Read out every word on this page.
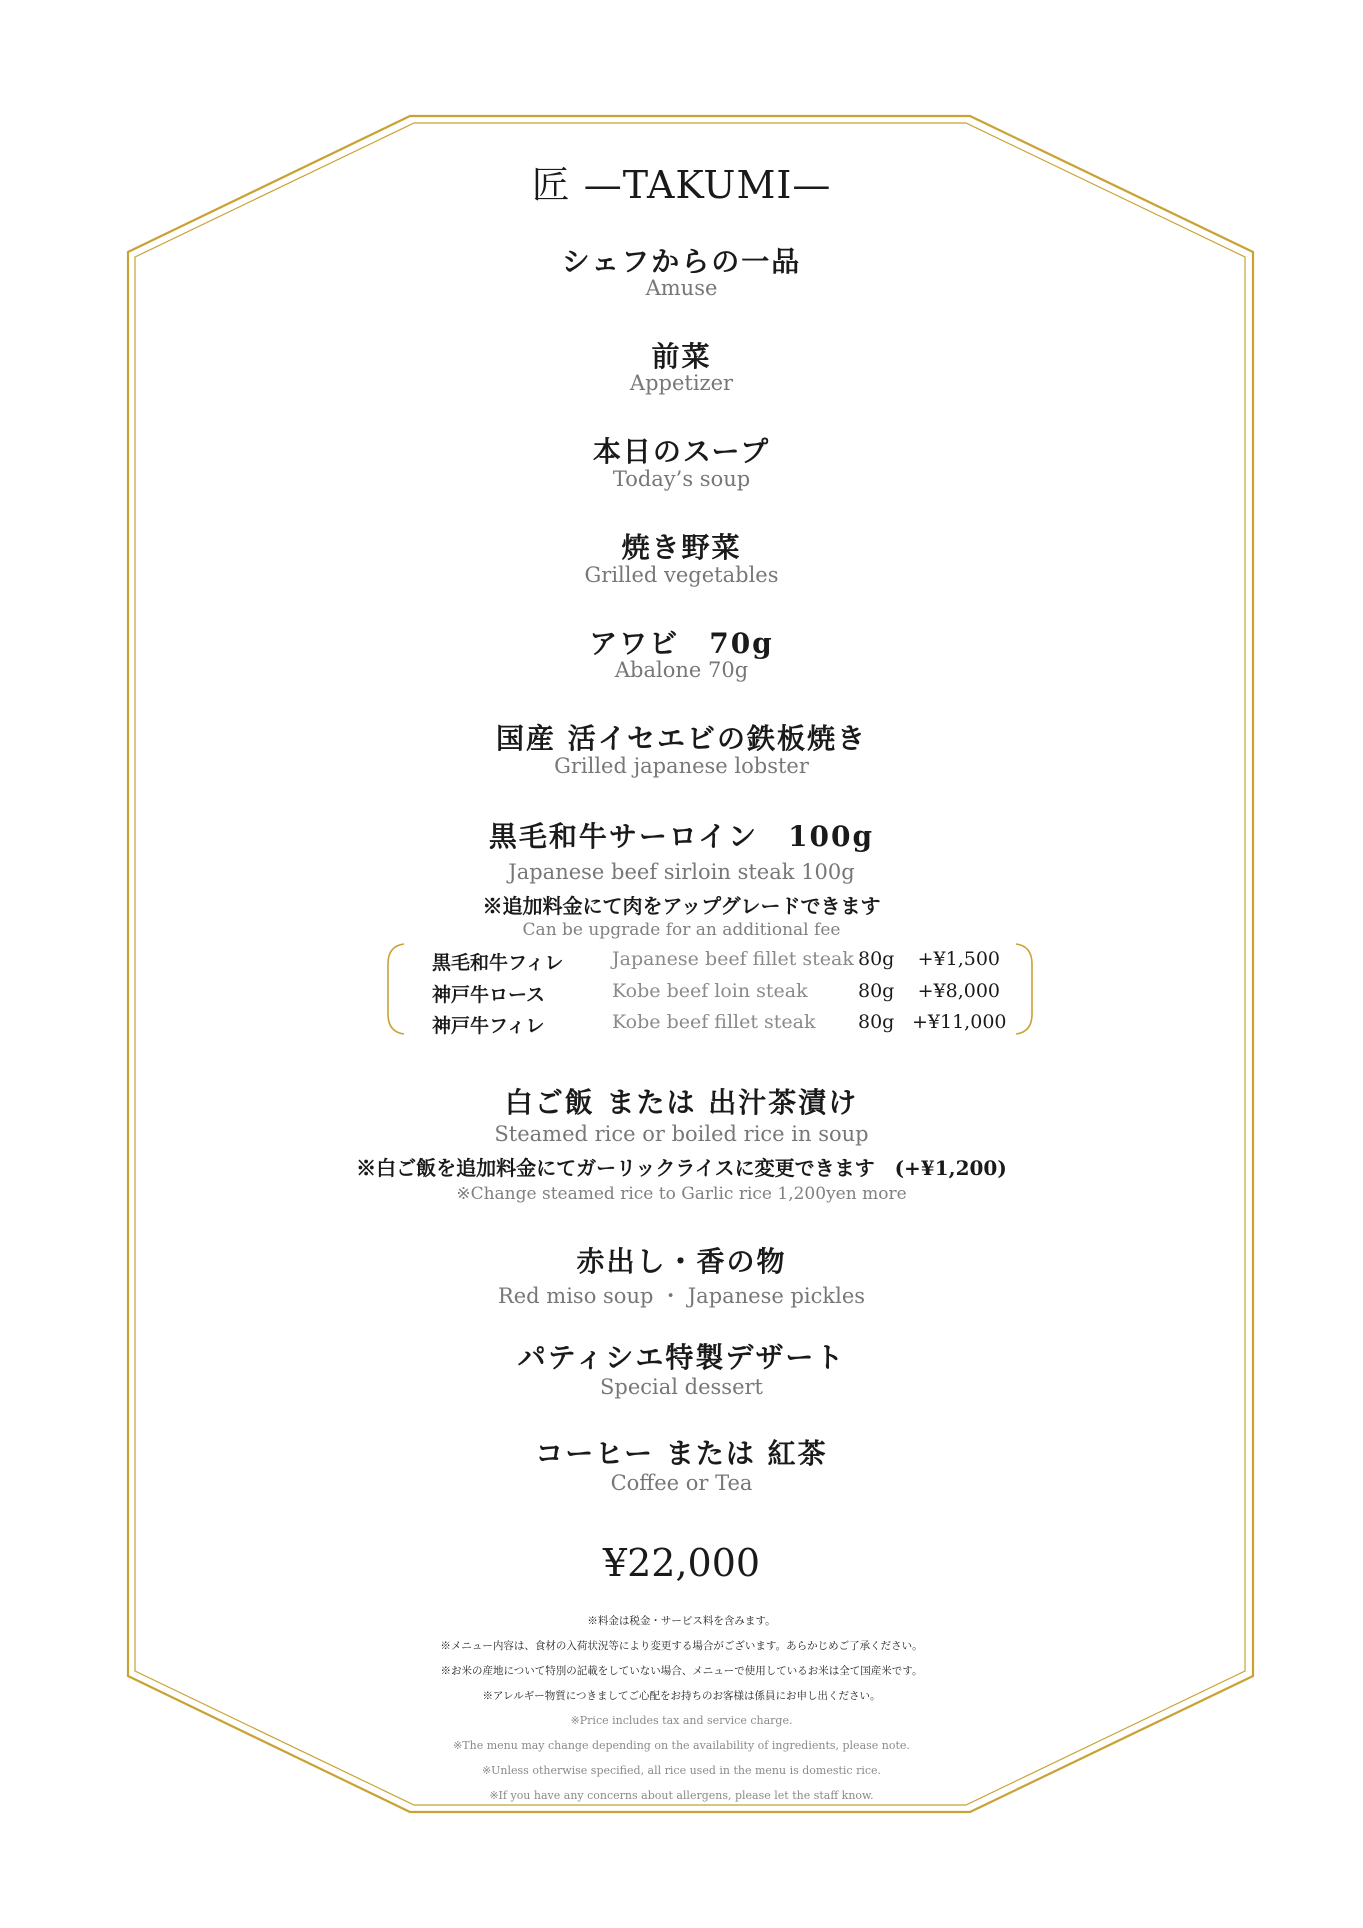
匠 —TAKUMI—
シェフからの一品
Amuse
前菜
Appetizer
本日のスープ
Today’s soup
焼き野菜
Grilled vegetables
アワビ　70g
Abalone 70g
国産 活イセエビの鉄板焼き
Grilled japanese lobster
黒毛和牛サーロイン　100g
Japanese beef sirloin steak 100g
※追加料金にて肉をアップグレードできます
Can be upgrade for an additional fee
黒毛和牛フィレ	Japanese beef fillet steak 80g +¥1,500
神戸牛ロース	Kobe beef loin steak	80g +¥8,000
神戸牛フィレ	Kobe beef fillet steak 80g +¥11,000
白ご飯 または 出汁茶漬け
Steamed rice or boiled rice in soup
※白ご飯を追加料金にてガーリックライスに変更できます　(+¥1,200)
※Change steamed rice to Garlic rice 1,200yen more
赤出し・香の物
Red miso soup ・ Japanese pickles
パティシエ特製デザート
Special dessert
コーヒー または 紅茶
Coffee or Tea
¥22,000
※料金は税金・サービス料を含みます。
※メニュー内容は、食材の入荷状況等により変更する場合がございます。あらかじめご了承ください。
※お米の産地について特別の記載をしていない場合、メニューで使用しているお米は全て国産米です。
※アレルギー物質につきましてご心配をお持ちのお客様は係員にお申し出ください。
※Price includes tax and service charge.
※The menu may change depending on the availability of ingredients, please note.
※Unless otherwise specified, all rice used in the menu is domestic rice.
※If you have any concerns about allergens, please let the staff know.
